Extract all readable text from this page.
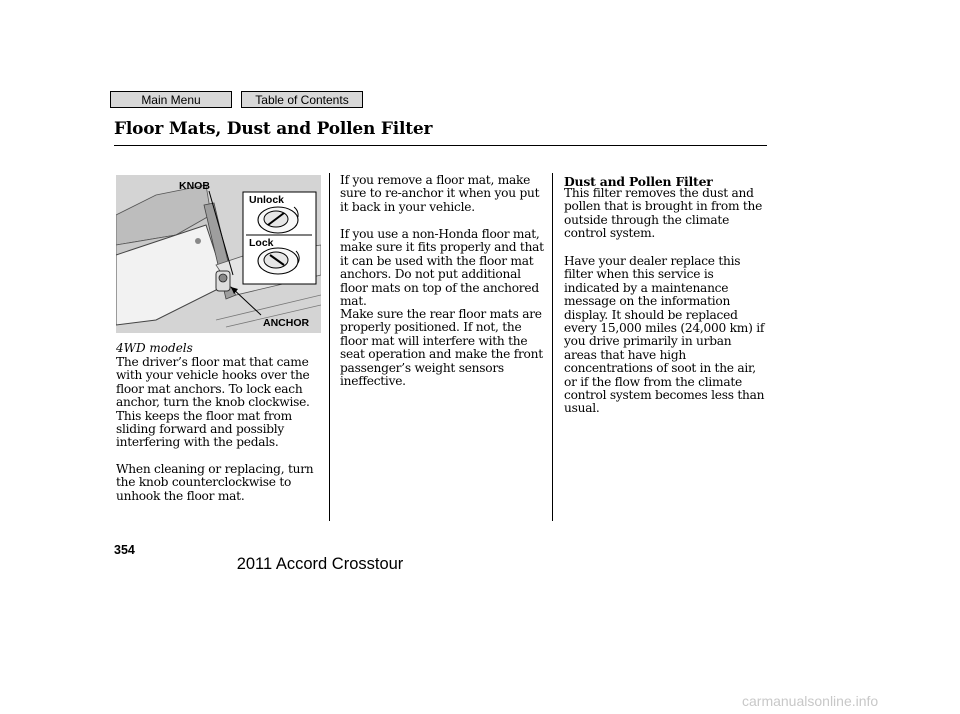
Main Menu	Table of Contents
Floor Mats, Dust and Pollen Filter
KNOB
Unlock
Lock
ANCHOR
4WD models

The driver’s floor mat that came with your vehicle hooks over the floor mat anchors. To lock each anchor, turn the knob clockwise. This keeps the floor mat from sliding forward and possibly interfering with the pedals.

When cleaning or replacing, turn the knob counterclockwise to unhook the floor mat.

If you remove a floor mat, make sure to re-anchor it when you put it back in your vehicle.

If you use a non-Honda floor mat, make sure it fits properly and that it can be used with the floor mat anchors. Do not put additional floor mats on top of the anchored mat.

Make sure the rear floor mats are properly positioned. If not, the floor mat will interfere with the seat operation and make the front passenger’s weight sensors ineffective.

Dust and Pollen Filter

This filter removes the dust and pollen that is brought in from the outside through the climate control system.

Have your dealer replace this filter when this service is indicated by a maintenance message on the information display. It should be replaced every 15,000 miles (24,000 km) if you drive primarily in urban areas that have high concentrations of soot in the air, or if the flow from the climate control system becomes less than usual.

354
2011 Accord Crosstour
carmanualsonline.info
